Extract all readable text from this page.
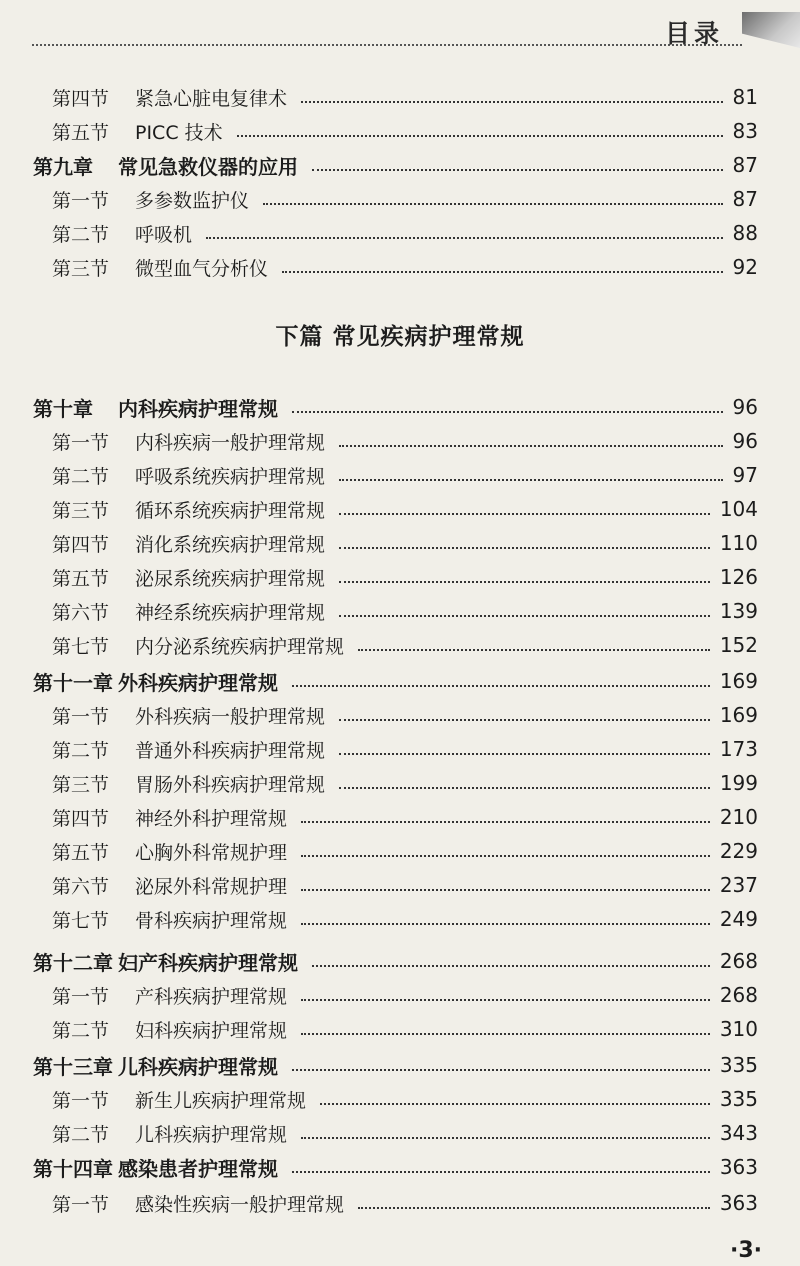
目录
下篇 常见疾病护理常规
第四节 紧急心脏电复律术	81
第五节 PICC 技术	83
第九章 常见急救仪器的应用	87
第一节 多参数监护仪	87
第二节 呼吸机	88
第三节 微型血气分析仪	92
第十章 内科疾病护理常规	96
第一节 内科疾病一般护理常规	96
第二节 呼吸系统疾病护理常规	97
第三节 循环系统疾病护理常规	104
第四节 消化系统疾病护理常规	110
第五节 泌尿系统疾病护理常规	126
第六节 神经系统疾病护理常规	139
第七节 内分泌系统疾病护理常规	152
第十一章 外科疾病护理常规	169
第一节 外科疾病一般护理常规	169
第二节 普通外科疾病护理常规	173
第三节 胃肠外科疾病护理常规	199
第四节 神经外科护理常规	210
第五节 心胸外科常规护理	229
第六节 泌尿外科常规护理	237
第七节 骨科疾病护理常规	249
第十二章 妇产科疾病护理常规	268
第一节 产科疾病护理常规	268
第二节 妇科疾病护理常规	310
第十三章 儿科疾病护理常规	335
第一节 新生儿疾病护理常规	335
第二节 儿科疾病护理常规	343
第十四章 感染患者护理常规	363
第一节 感染性疾病一般护理常规	363
·3·
